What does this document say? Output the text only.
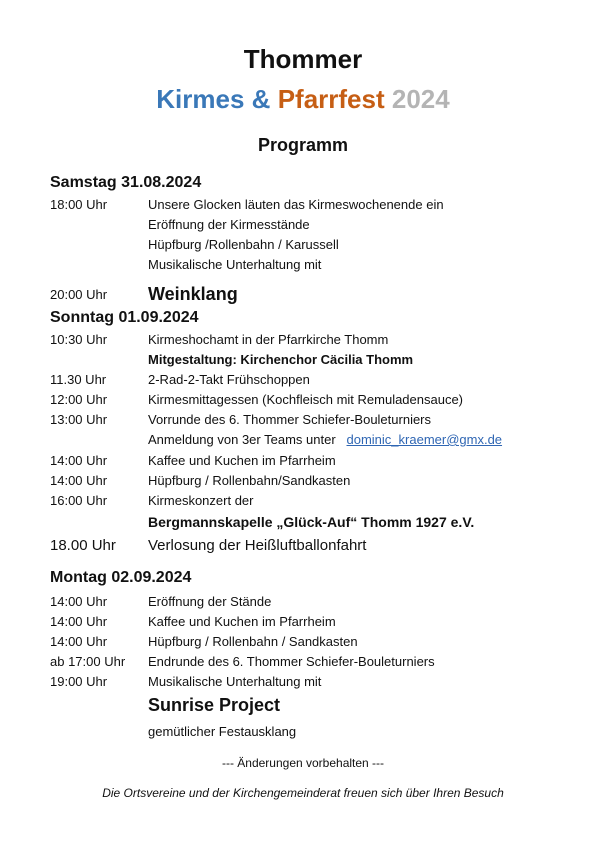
Thommer
Kirmes & Pfarrfest 2024
Programm
Samstag 31.08.2024
18:00 Uhr	Unsere Glocken läuten das Kirmeswochenende ein
Eröffnung der Kirmesstände
Hüpfburg /Rollenbahn / Karussell
Musikalische Unterhaltung mit
20:00 Uhr	Weinklang
Sonntag 01.09.2024
10:30 Uhr	Kirmeshochamt in der Pfarrkirche Thomm
Mitgestaltung: Kirchenchor Cäcilia Thomm
11.30 Uhr	2-Rad-2-Takt Frühschoppen
12:00 Uhr	Kirmesmittagessen (Kochfleisch mit Remuladensauce)
13:00 Uhr	Vorrunde des 6. Thommer Schiefer-Bouleturniers
Anmeldung von 3er Teams unter dominic_kraemer@gmx.de
14:00 Uhr	Kaffee und Kuchen im Pfarrheim
14:00 Uhr	Hüpfburg / Rollenbahn/Sandkasten
16:00 Uhr	Kirmeskonzert der
Bergmannskapelle „Glück-Auf“ Thomm 1927 e.V.
18.00 Uhr	Verlosung der Heißluftballonfahrt
Montag 02.09.2024
14:00 Uhr	Eröffnung der Stände
14:00 Uhr	Kaffee und Kuchen im Pfarrheim
14:00 Uhr	Hüpfburg / Rollenbahn / Sandkasten
ab 17:00 Uhr	Endrunde des 6. Thommer Schiefer-Bouleturniers
19:00 Uhr	Musikalische Unterhaltung mit
Sunrise Project
gemütlicher Festausklang
--- Änderungen vorbehalten ---
Die Ortsvereine und der Kirchengemeinderat freuen sich über Ihren Besuch
